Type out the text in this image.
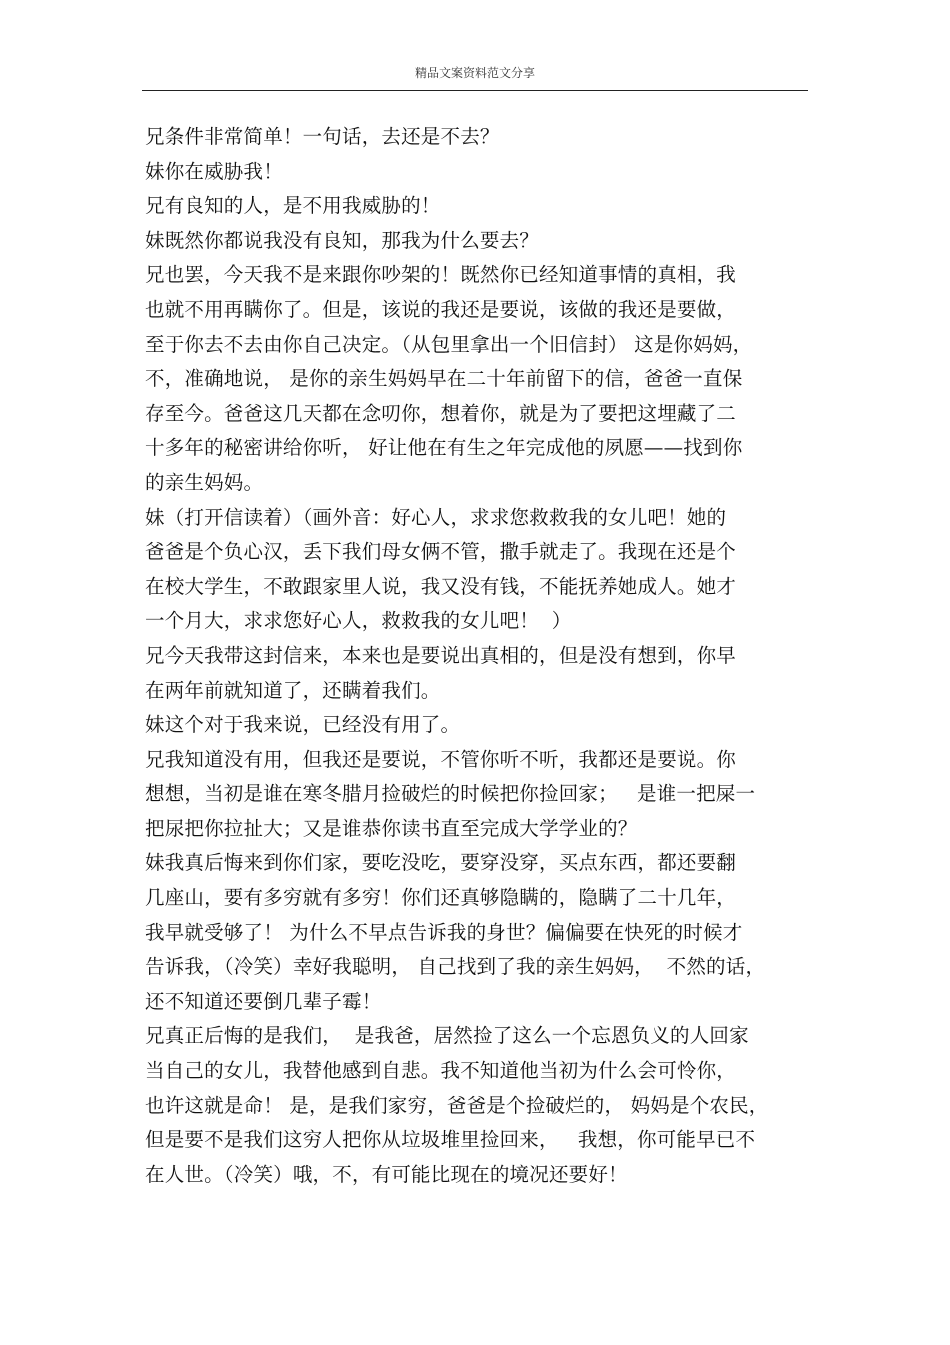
精品文案资料范文分享
兄条件非常简单！一句话，去还是不去？
妹你在威胁我！
兄有良知的人，是不用我威胁的！
妹既然你都说我没有良知，那我为什么要去？
兄也罢，今天我不是来跟你吵架的！既然你已经知道事情的真相，我
也就不用再瞒你了。但是，该说的我还是要说，该做的我还是要做，
至于你去不去由你自己决定。（从包里拿出一个旧信封） 这是你妈妈，
不，准确地说， 是你的亲生妈妈早在二十年前留下的信，爸爸一直保
存至今。爸爸这几天都在念叨你，想着你，就是为了要把这埋藏了二
十多年的秘密讲给你听， 好让他在有生之年完成他的夙愿——找到你
的亲生妈妈。
妹（打开信读着）（画外音：好心人，求求您救救我的女儿吧！她的
爸爸是个负心汉，丢下我们母女俩不管，撒手就走了。我现在还是个
在校大学生，不敢跟家里人说，我又没有钱，不能抚养她成人。她才
一个月大，求求您好心人，救救我的女儿吧！  ）
兄今天我带这封信来，本来也是要说出真相的，但是没有想到，你早
在两年前就知道了，还瞒着我们。
妹这个对于我来说，已经没有用了。
兄我知道没有用，但我还是要说，不管你听不听，我都还是要说。你
想想，当初是谁在寒冬腊月捡破烂的时候把你捡回家；   是谁一把屎一
把尿把你拉扯大；又是谁恭你读书直至完成大学学业的？
妹我真后悔来到你们家，要吃没吃，要穿没穿，买点东西，都还要翻
几座山，要有多穷就有多穷！你们还真够隐瞒的，隐瞒了二十几年，
我早就受够了！ 为什么不早点告诉我的身世？偏偏要在快死的时候才
告诉我，（冷笑）幸好我聪明， 自己找到了我的亲生妈妈，  不然的话，
还不知道还要倒几辈子霉！
兄真正后悔的是我们，  是我爸，居然捡了这么一个忘恩负义的人回家
当自己的女儿，我替他感到自悲。我不知道他当初为什么会可怜你，
也许这就是命！ 是，是我们家穷，爸爸是个捡破烂的， 妈妈是个农民，
但是要不是我们这穷人把你从垃圾堆里捡回来，   我想，你可能早已不
在人世。（冷笑）哦，不，有可能比现在的境况还要好！
